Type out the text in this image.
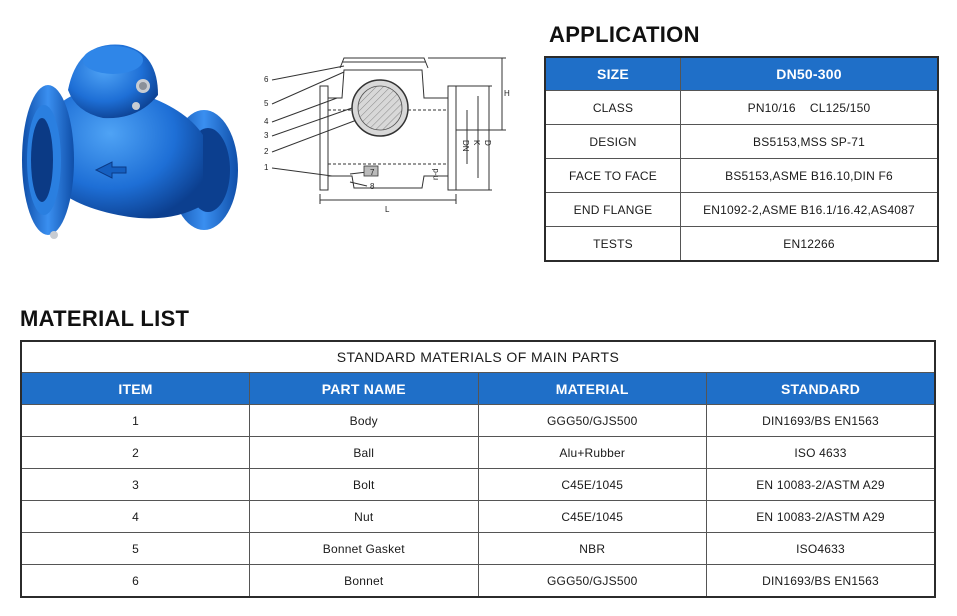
6
5
4
3
2
1
7
8
H
DN K D
L
n-d
APPLICATION
SIZE	DN50-300
CLASS	PN10/16    CL125/150
DESIGN	BS5153,MSS SP-71
FACE TO FACE	BS5153,ASME B16.10,DIN F6
END FLANGE	EN1092-2,ASME B16.1/16.42,AS4087
TESTS	EN12266
MATERIAL LIST
STANDARD MATERIALS OF MAIN PARTS			
ITEM	PART NAME	MATERIAL	STANDARD
1	Body	GGG50/GJS500	DIN1693/BS EN1563
2	Ball	Alu+Rubber	ISO 4633
3	Bolt	C45E/1045	EN 10083-2/ASTM A29
4	Nut	C45E/1045	EN 10083-2/ASTM A29
5	Bonnet Gasket	NBR	ISO4633
6	Bonnet	GGG50/GJS500	DIN1693/BS EN1563
